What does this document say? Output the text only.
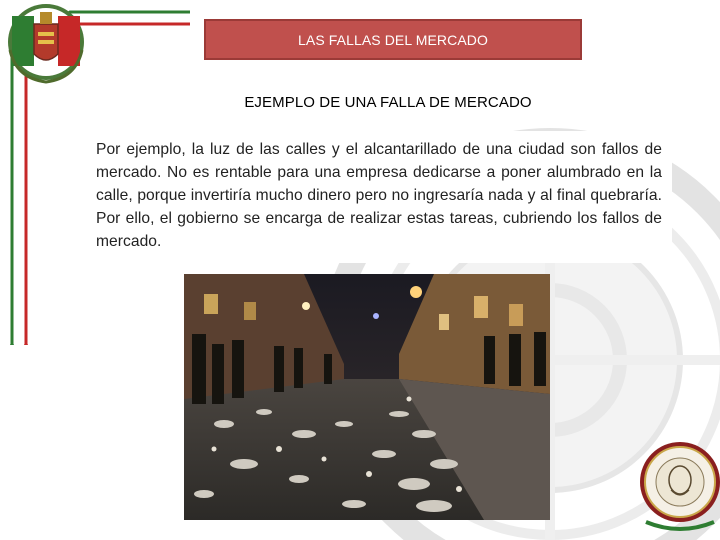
LAS FALLAS DEL MERCADO
EJEMPLO DE UNA FALLA DE MERCADO

Por ejemplo, la luz de las calles y el alcantarillado de una ciudad son fallos de mercado. No es rentable para una empresa dedicarse a poner alumbrado en la calle, porque invertiría mucho dinero pero no ingresaría nada y al final quebraría. Por ello, el gobierno se encarga de realizar estas tareas, cubriendo los fallos de mercado.
